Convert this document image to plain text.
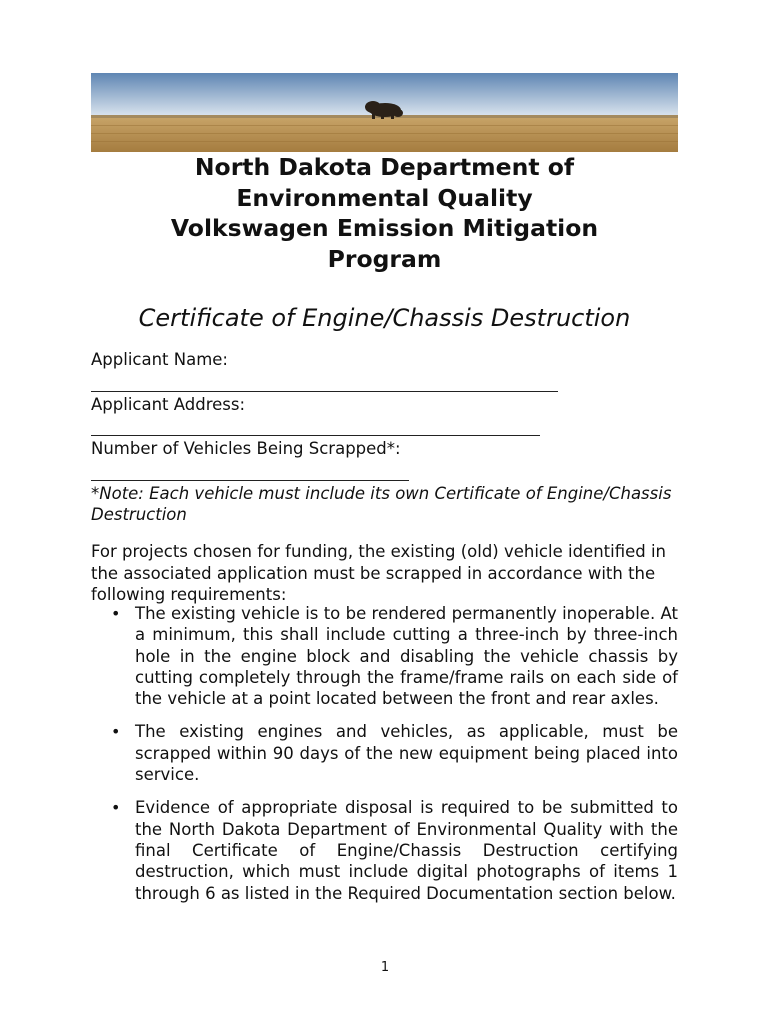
North Dakota Department of
Environmental Quality
Volkswagen Emission Mitigation
Program
Certificate of Engine/Chassis Destruction
Applicant Name:
Applicant Address:
Number of Vehicles Being Scrapped*:
*Note: Each vehicle must include its own Certificate of Engine/Chassis Destruction
For projects chosen for funding, the existing (old) vehicle identified in the associated application must be scrapped in accordance with the following requirements:
• The existing vehicle is to be rendered permanently inoperable. At a minimum, this shall include cutting a three-inch by three-inch hole in the engine block and disabling the vehicle chassis by cutting completely through the frame/frame rails on each side of the vehicle at a point located between the front and rear axles.
• The existing engines and vehicles, as applicable, must be scrapped within 90 days of the new equipment being placed into service.
• Evidence of appropriate disposal is required to be submitted to the North Dakota Department of Environmental Quality with the final Certificate of Engine/Chassis Destruction certifying destruction, which must include digital photographs of items 1 through 6 as listed in the Required Documentation section below.
1
